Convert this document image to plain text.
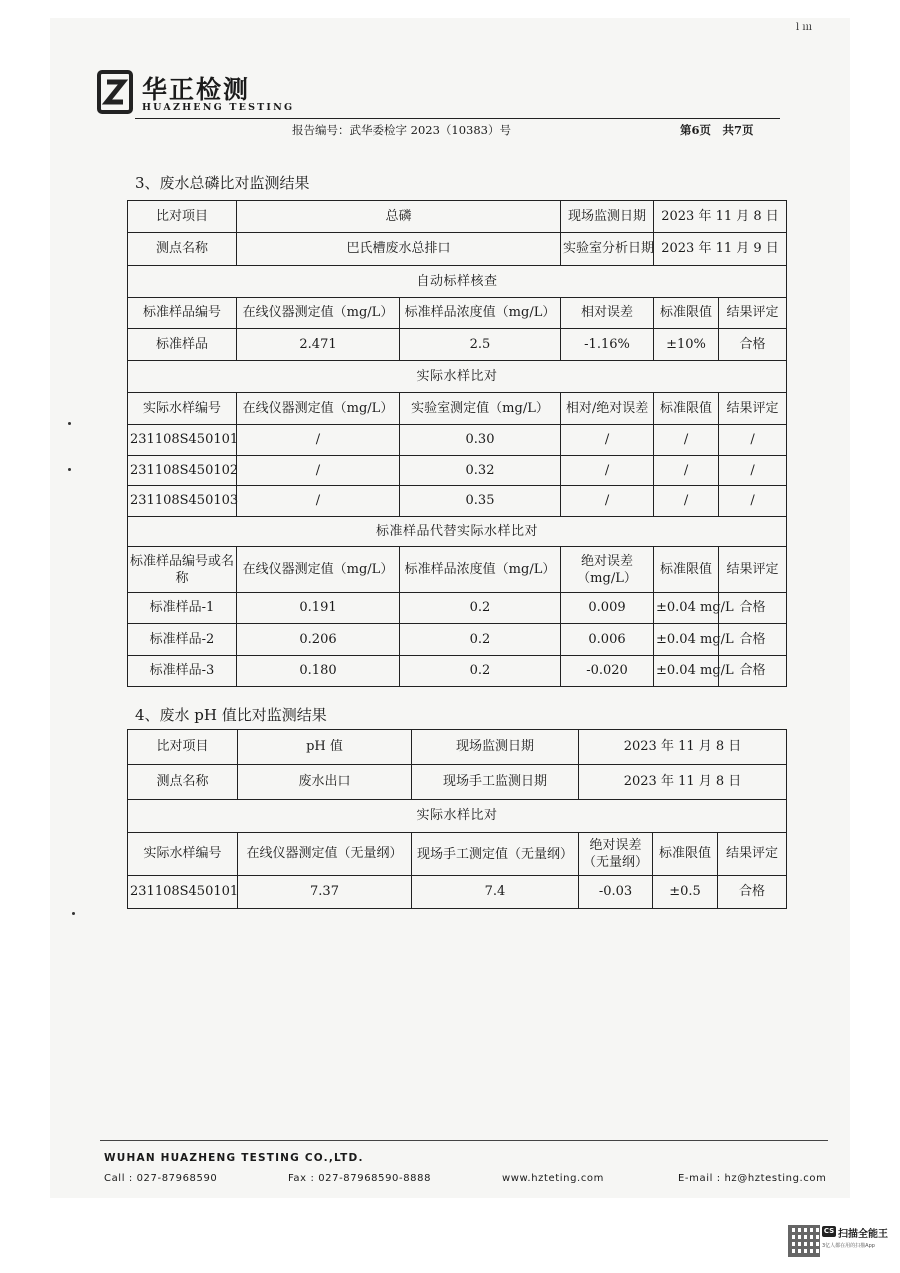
l ııı
华正检测
HUAZHENG TESTING
报告编号：武华委检字 2023（10383）号	第6页　共7页
3、废水总磷比对监测结果
比对项目	总磷		现场监测日期	2023 年 11 月 8 日	
测点名称	巴氏槽废水总排口		实验室分析日期	2023 年 11 月 9 日	
自动标样核查					
标准样品编号	在线仪器测定值（mg/L）	标准样品浓度值（mg/L）	相对误差	标准限值	结果评定
标准样品	2.471	2.5	-1.16%	±10%	合格
实际水样比对					
实际水样编号	在线仪器测定值（mg/L）	实验室测定值（mg/L）	相对/绝对误差	标准限值	结果评定
231108S450101	/	0.30	/	/	/
231108S450102	/	0.32	/	/	/
231108S450103	/	0.35	/	/	/
标准样品代替实际水样比对					
标准样品编号或名称	在线仪器测定值（mg/L）	标准样品浓度值（mg/L）	绝对误差（mg/L）	标准限值	结果评定
标准样品-1	0.191	0.2	0.009	±0.04 mg/L	合格
标准样品-2	0.206	0.2	0.006	±0.04 mg/L	合格
标准样品-3	0.180	0.2	-0.020	±0.04 mg/L	合格
4、废水 pH 值比对监测结果
比对项目	pH 值	现场监测日期	2023 年 11 月 8 日		
测点名称	废水出口	现场手工监测日期	2023 年 11 月 8 日		
实际水样比对					
实际水样编号	在线仪器测定值（无量纲）	现场手工测定值（无量纲）	绝对误差（无量纲）	标准限值	结果评定
231108S450101	7.37	7.4	-0.03	±0.5	合格
WUHAN HUAZHENG TESTING CO.,LTD.
Call : 027-87968590	Fax : 027-87968590-8888	www.hzteting.com	E-mail : hz@hztesting.com
CS 扫描全能王
3亿人都在用的扫描App
